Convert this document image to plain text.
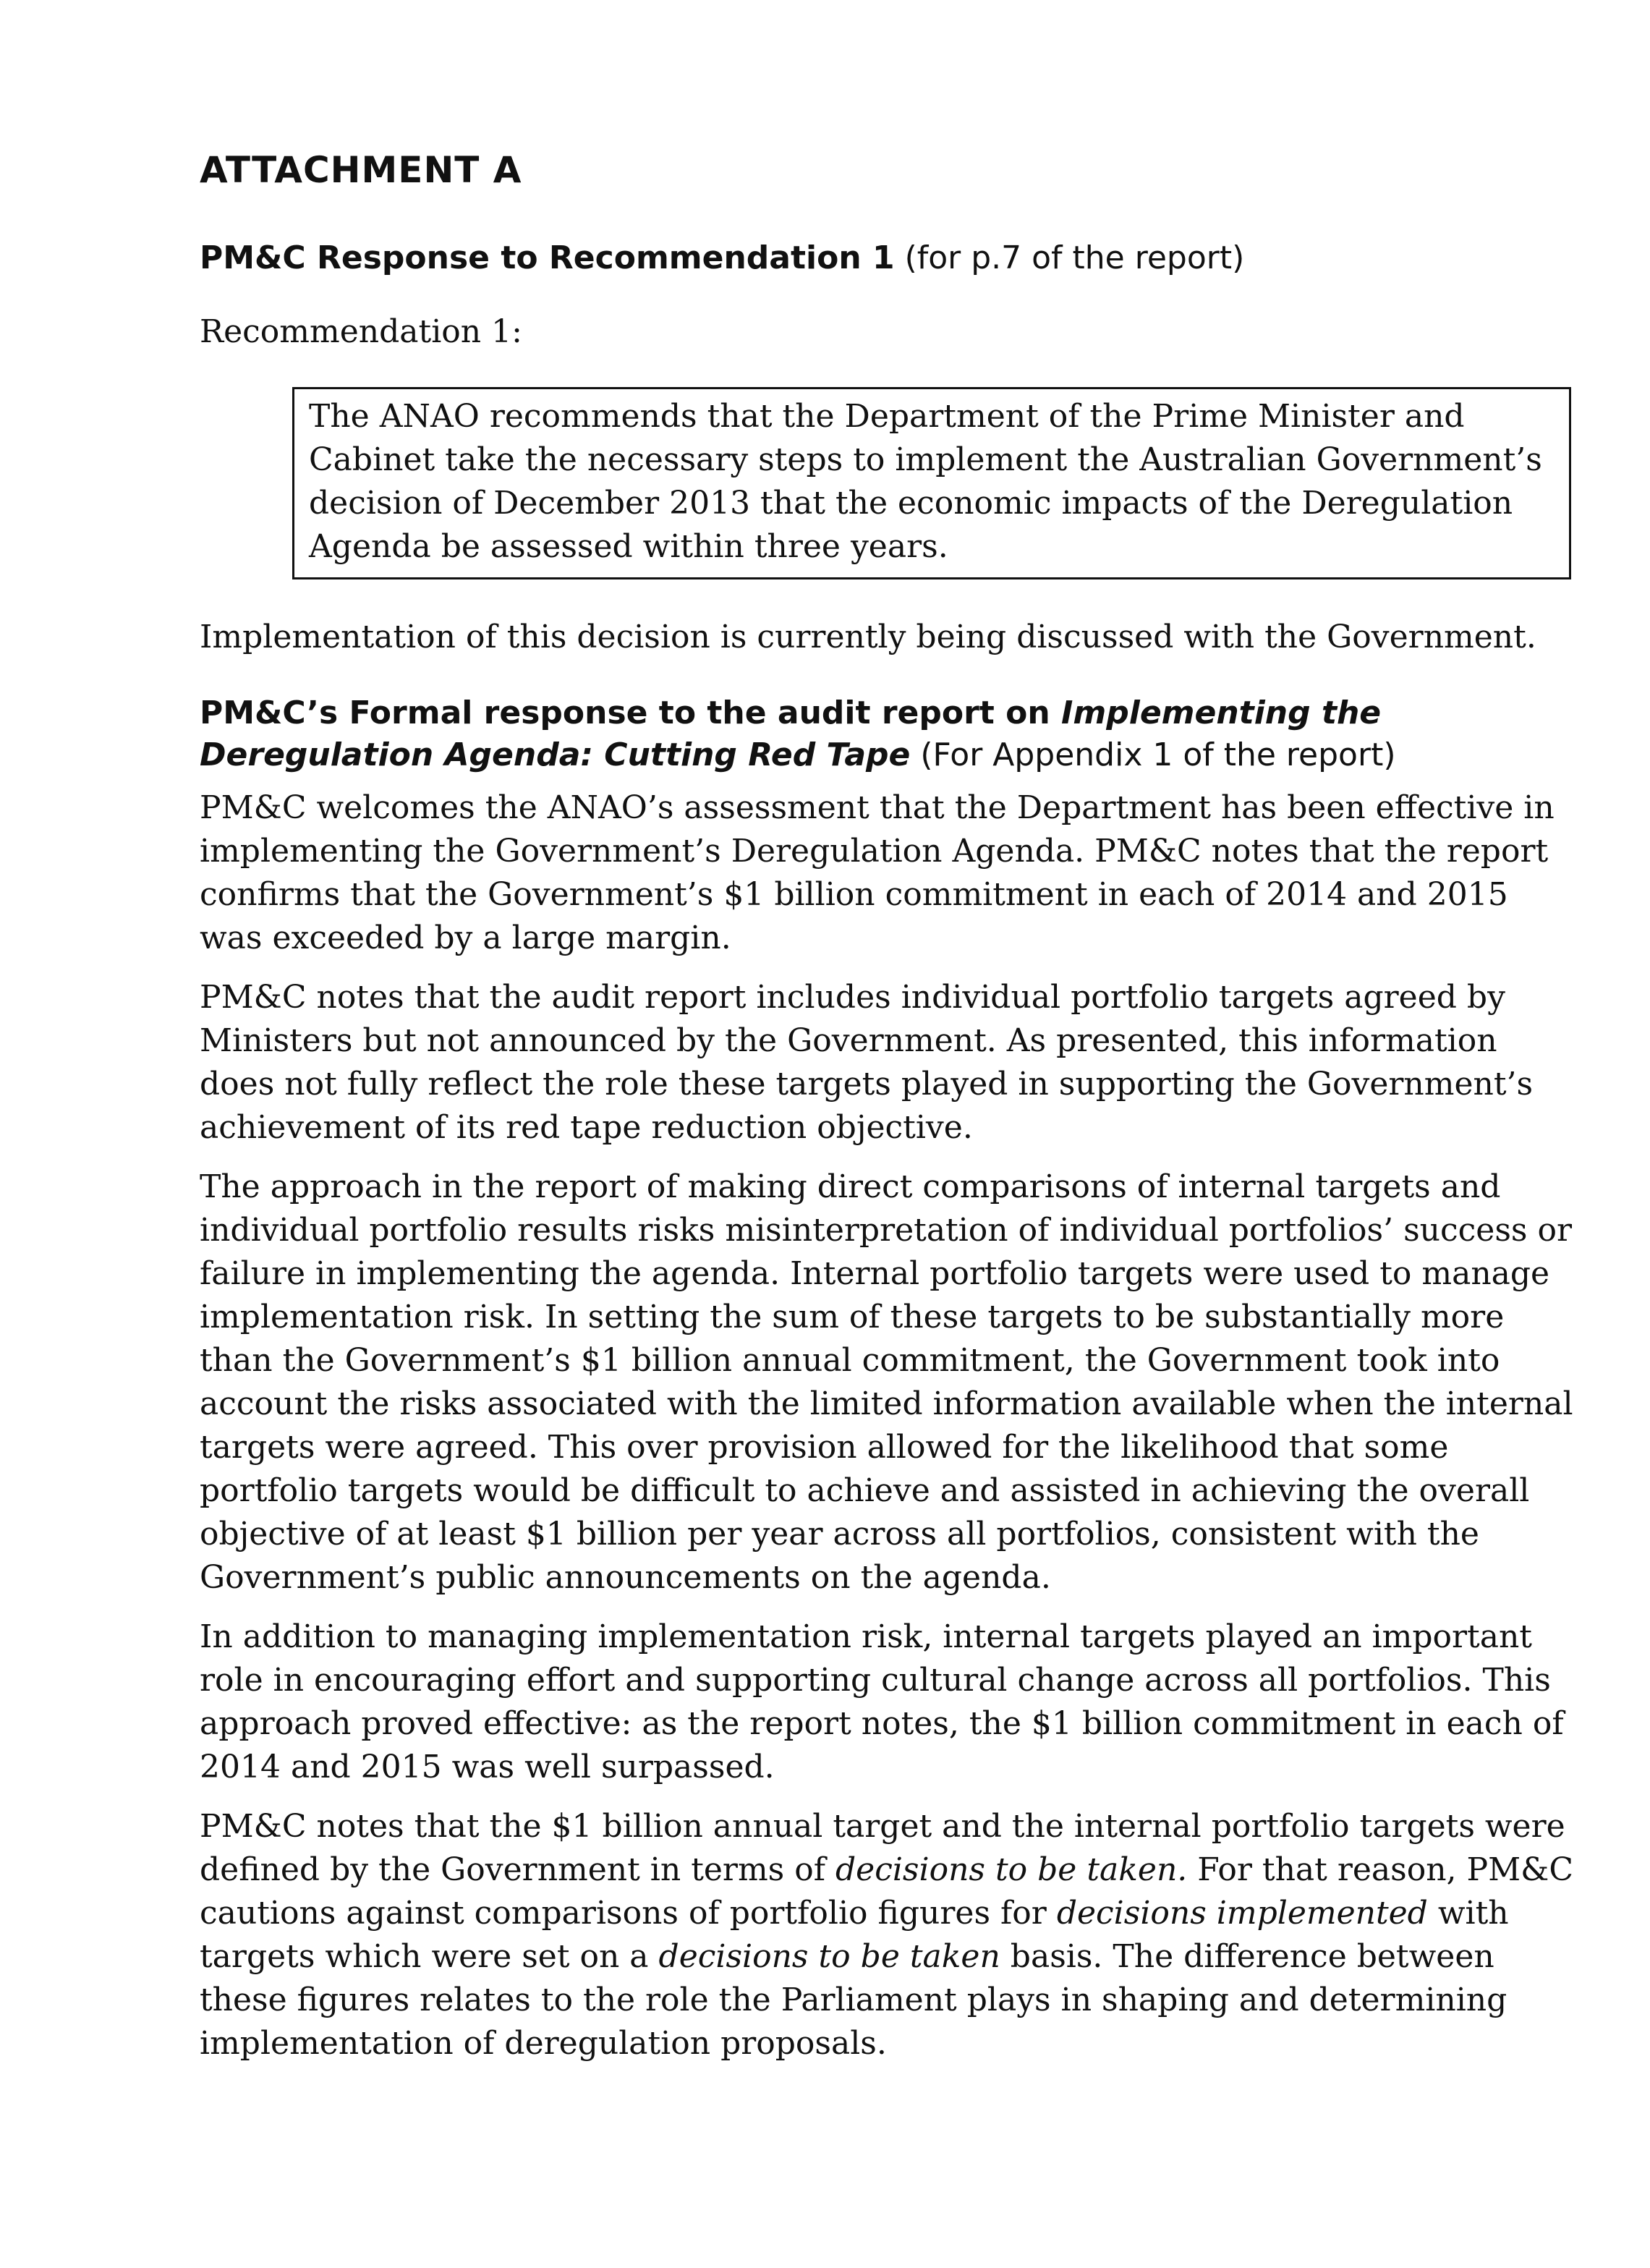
ATTACHMENT A
PM&C Response to Recommendation 1 (for p.7 of the report)
Recommendation 1:
The ANAO recommends that the Department of the Prime Minister and Cabinet take the necessary steps to implement the Australian Government’s decision of December 2013 that the economic impacts of the Deregulation Agenda be assessed within three years.
Implementation of this decision is currently being discussed with the Government.
PM&C’s Formal response to the audit report on Implementing the Deregulation Agenda: Cutting Red Tape (For Appendix 1 of the report)
PM&C welcomes the ANAO’s assessment that the Department has been effective in implementing the Government’s Deregulation Agenda. PM&C notes that the report confirms that the Government’s $1 billion commitment in each of 2014 and 2015 was exceeded by a large margin.
PM&C notes that the audit report includes individual portfolio targets agreed by Ministers but not announced by the Government. As presented, this information does not fully reflect the role these targets played in supporting the Government’s achievement of its red tape reduction objective.
The approach in the report of making direct comparisons of internal targets and individual portfolio results risks misinterpretation of individual portfolios’ success or failure in implementing the agenda. Internal portfolio targets were used to manage implementation risk. In setting the sum of these targets to be substantially more than the Government’s $1 billion annual commitment, the Government took into account the risks associated with the limited information available when the internal targets were agreed. This over provision allowed for the likelihood that some portfolio targets would be difficult to achieve and assisted in achieving the overall objective of at least $1 billion per year across all portfolios, consistent with the Government’s public announcements on the agenda.
In addition to managing implementation risk, internal targets played an important role in encouraging effort and supporting cultural change across all portfolios. This approach proved effective: as the report notes, the $1 billion commitment in each of 2014 and 2015 was well surpassed.
PM&C notes that the $1 billion annual target and the internal portfolio targets were defined by the Government in terms of decisions to be taken. For that reason, PM&C cautions against comparisons of portfolio figures for decisions implemented with targets which were set on a decisions to be taken basis. The difference between these figures relates to the role the Parliament plays in shaping and determining implementation of deregulation proposals.
